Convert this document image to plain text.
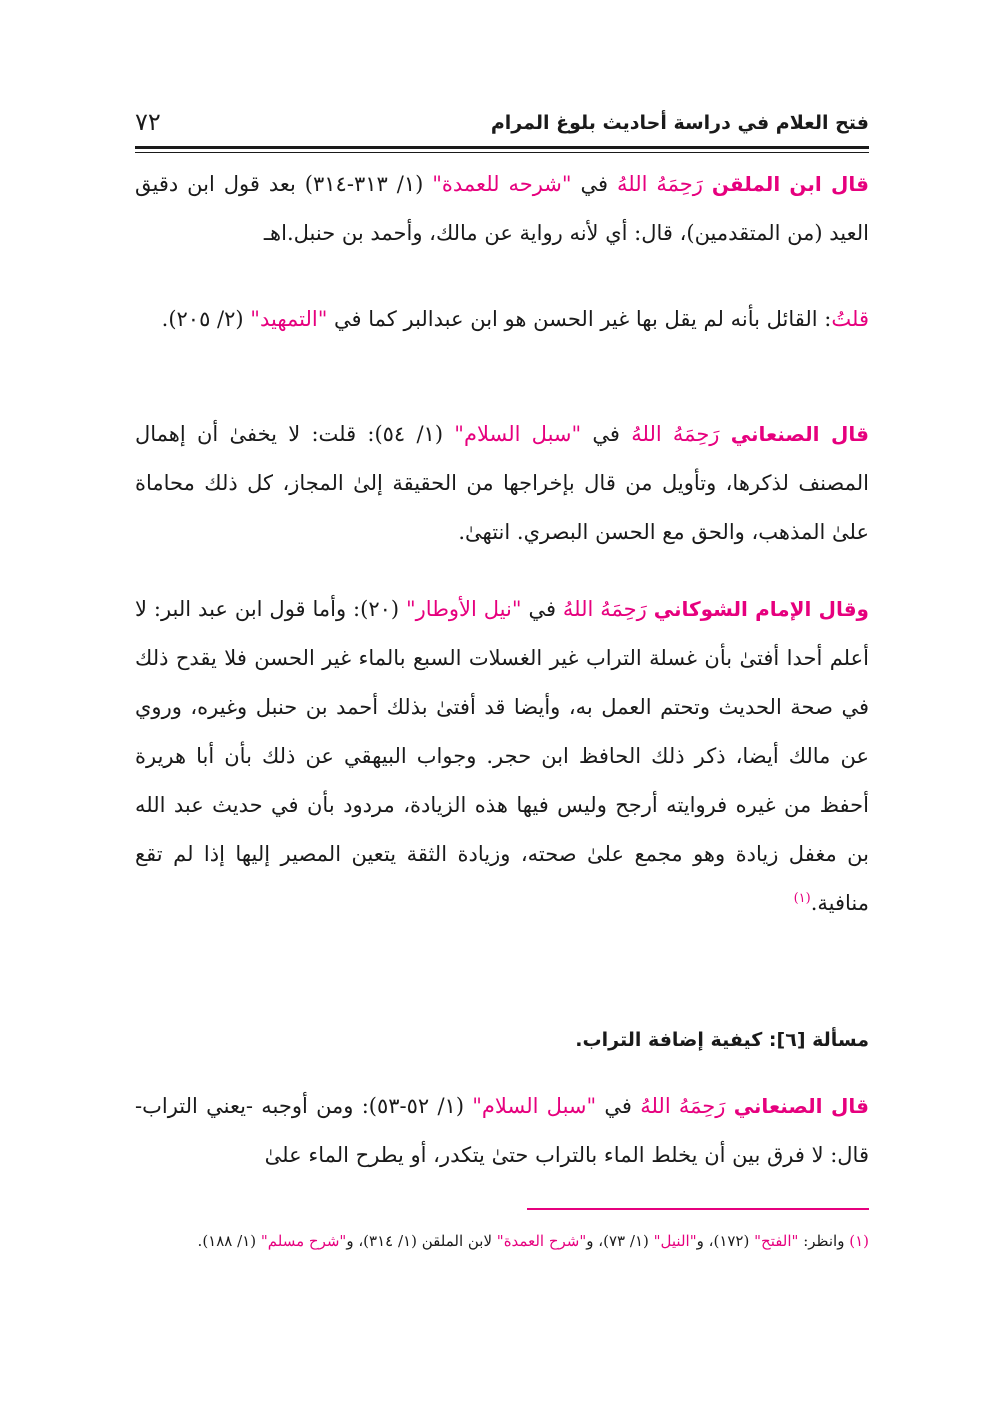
فتح العلام في دراسة أحاديث بلوغ المرام
٧٢

قال ابن الملقن رَحِمَهُ اللهُ في "شرحه للعمدة" (١/ ٣١٣-٣١٤) بعد قول ابن دقيق العيد (من المتقدمين)، قال: أي لأنه رواية عن مالك، وأحمد بن حنبل.اهـ

قلتُ: القائل بأنه لم يقل بها غير الحسن هو ابن عبدالبر كما في "التمهيد" (٢/ ٢٠٥).

قال الصنعاني رَحِمَهُ اللهُ في "سبل السلام" (١/ ٥٤): قلت: لا يخفىٰ أن إهمال المصنف لذكرها، وتأويل من قال بإخراجها من الحقيقة إلىٰ المجاز، كل ذلك محاماة علىٰ المذهب، والحق مع الحسن البصري. انتهىٰ.

وقال الإمام الشوكاني رَحِمَهُ اللهُ في "نيل الأوطار" (٢٠): وأما قول ابن عبد البر: لا أعلم أحدا أفتىٰ بأن غسلة التراب غير الغسلات السبع بالماء غير الحسن فلا يقدح ذلك في صحة الحديث وتحتم العمل به، وأيضا قد أفتىٰ بذلك أحمد بن حنبل وغيره، وروي عن مالك أيضا، ذكر ذلك الحافظ ابن حجر. وجواب البيهقي عن ذلك بأن أبا هريرة أحفظ من غيره فروايته أرجح وليس فيها هذه الزيادة، مردود بأن في حديث عبد الله بن مغفل زيادة وهو مجمع علىٰ صحته، وزيادة الثقة يتعين المصير إليها إذا لم تقع منافية.$^{(١)}$

مسألة [٦]: كيفية إضافة التراب.

قال الصنعاني رَحِمَهُ اللهُ في "سبل السلام" (١/ ٥٢-٥٣): ومن أوجبه -يعني التراب- قال: لا فرق بين أن يخلط الماء بالتراب حتىٰ يتكدر، أو يطرح الماء علىٰ

(١) وانظر: "الفتح" (١٧٢)، و"النيل" (١/ ٧٣)، و"شرح العمدة" لابن الملقن (١/ ٣١٤)، و"شرح مسلم" (١/ ١٨٨).
